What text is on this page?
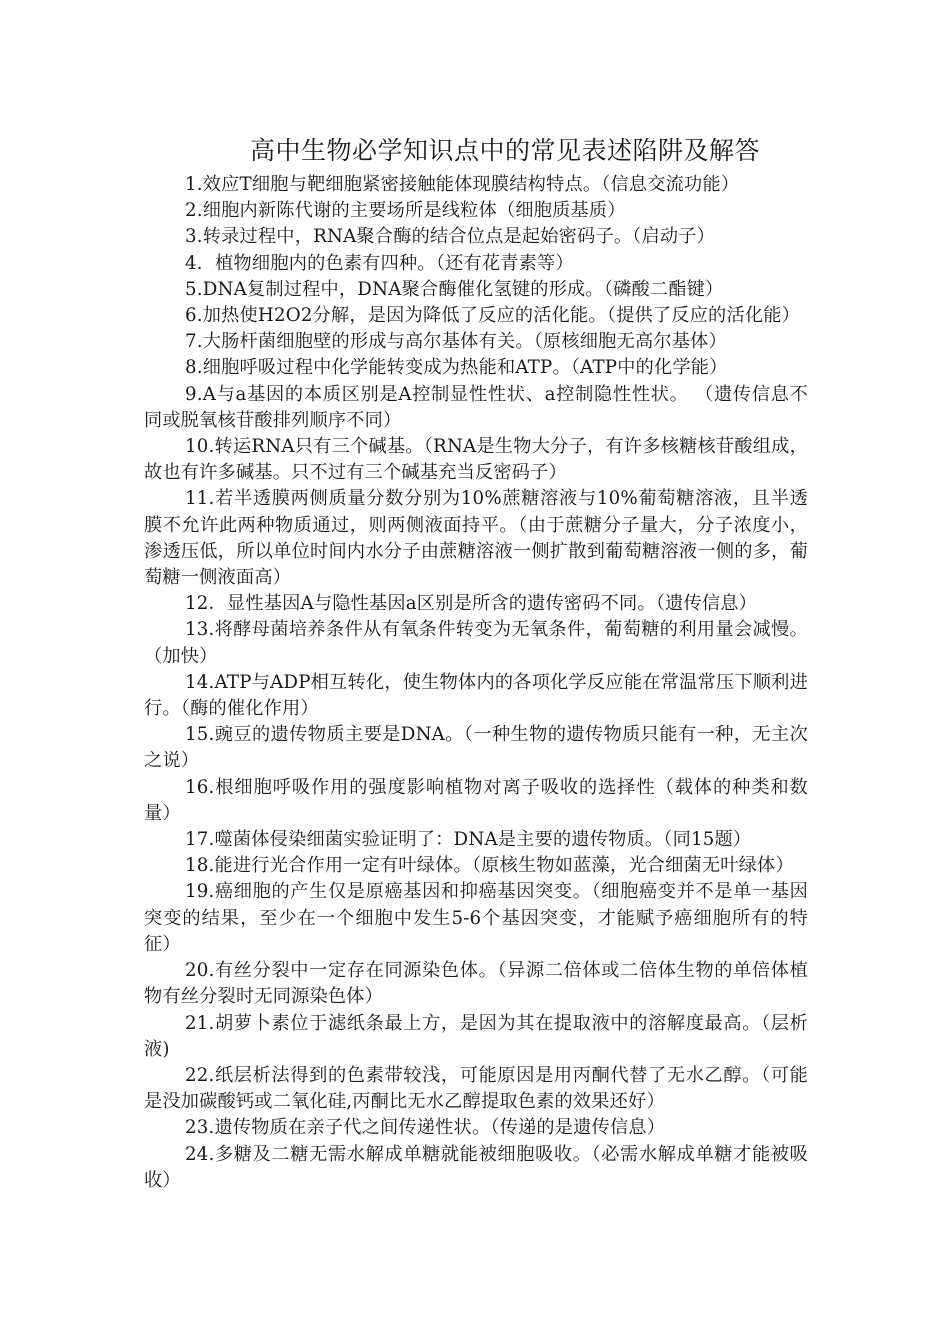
高中生物必学知识点中的常见表述陷阱及解答

1.效应T细胞与靶细胞紧密接触能体现膜结构特点。（信息交流功能）

2.细胞内新陈代谢的主要场所是线粒体（细胞质基质）

3.转录过程中，RNA聚合酶的结合位点是起始密码子。（启动子）

4．植物细胞内的色素有四种。（还有花青素等）

5.DNA复制过程中，DNA聚合酶催化氢键的形成。（磷酸二酯键）

6.加热使H2O2分解，是因为降低了反应的活化能。（提供了反应的活化能）

7.大肠杆菌细胞壁的形成与高尔基体有关。（原核细胞无高尔基体）

8.细胞呼吸过程中化学能转变成为热能和ATP。（ATP中的化学能）

9.A与a基因的本质区别是A控制显性性状、a控制隐性性状。 （遗传信息不同或脱氧核苷酸排列顺序不同）

10.转运RNA只有三个碱基。（RNA是生物大分子，有许多核糖核苷酸组成，故也有许多碱基。只不过有三个碱基充当反密码子）

11.若半透膜两侧质量分数分别为10%蔗糖溶液与10%葡萄糖溶液，且半透膜不允许此两种物质通过，则两侧液面持平。（由于蔗糖分子量大，分子浓度小，渗透压低，所以单位时间内水分子由蔗糖溶液一侧扩散到葡萄糖溶液一侧的多，葡萄糖一侧液面高）

12．显性基因A与隐性基因a区别是所含的遗传密码不同。（遗传信息）

13.将酵母菌培养条件从有氧条件转变为无氧条件，葡萄糖的利用量会减慢。（加快）

14.ATP与ADP相互转化，使生物体内的各项化学反应能在常温常压下顺利进行。（酶的催化作用）

15.豌豆的遗传物质主要是DNA。（一种生物的遗传物质只能有一种，无主次之说）

16.根细胞呼吸作用的强度影响植物对离子吸收的选择性（载体的种类和数量）

17.噬菌体侵染细菌实验证明了：DNA是主要的遗传物质。（同15题）

18.能进行光合作用一定有叶绿体。（原核生物如蓝藻，光合细菌无叶绿体）

19.癌细胞的产生仅是原癌基因和抑癌基因突变。（细胞癌变并不是单一基因突变的结果，至少在一个细胞中发生5-6个基因突变，才能赋予癌细胞所有的特征）

20.有丝分裂中一定存在同源染色体。（异源二倍体或二倍体生物的单倍体植物有丝分裂时无同源染色体）

21.胡萝卜素位于滤纸条最上方，是因为其在提取液中的溶解度最高。（层析液)

22.纸层析法得到的色素带较浅，可能原因是用丙酮代替了无水乙醇。（可能是没加碳酸钙或二氧化硅,丙酮比无水乙醇提取色素的效果还好）

23.遗传物质在亲子代之间传递性状。（传递的是遗传信息）

24.多糖及二糖无需水解成单糖就能被细胞吸收。（必需水解成单糖才能被吸收）
